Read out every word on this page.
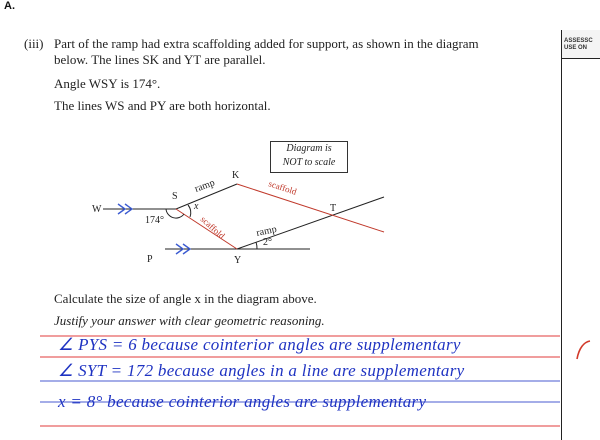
A.
ASSESSC
USE ON
(iii) Part of the ramp had extra scaffolding added for support, as shown in the diagram
below. The lines SK and YT are parallel.
Angle WSY is 174°.
The lines WS and PY are both horizontal.
W
S
K
T
P	Y
x
174°
2°
ramp
ramp
scaffold
scaffold
Diagram is
NOT to scale
Calculate the size of angle x in the diagram above.
Justify your answer with clear geometric reasoning.
∠ PYS = 6 because cointerior angles are supplementary
∠ SYT = 172 because angles in a line are supplementary
x = 8° because cointerior angles are supplementary
